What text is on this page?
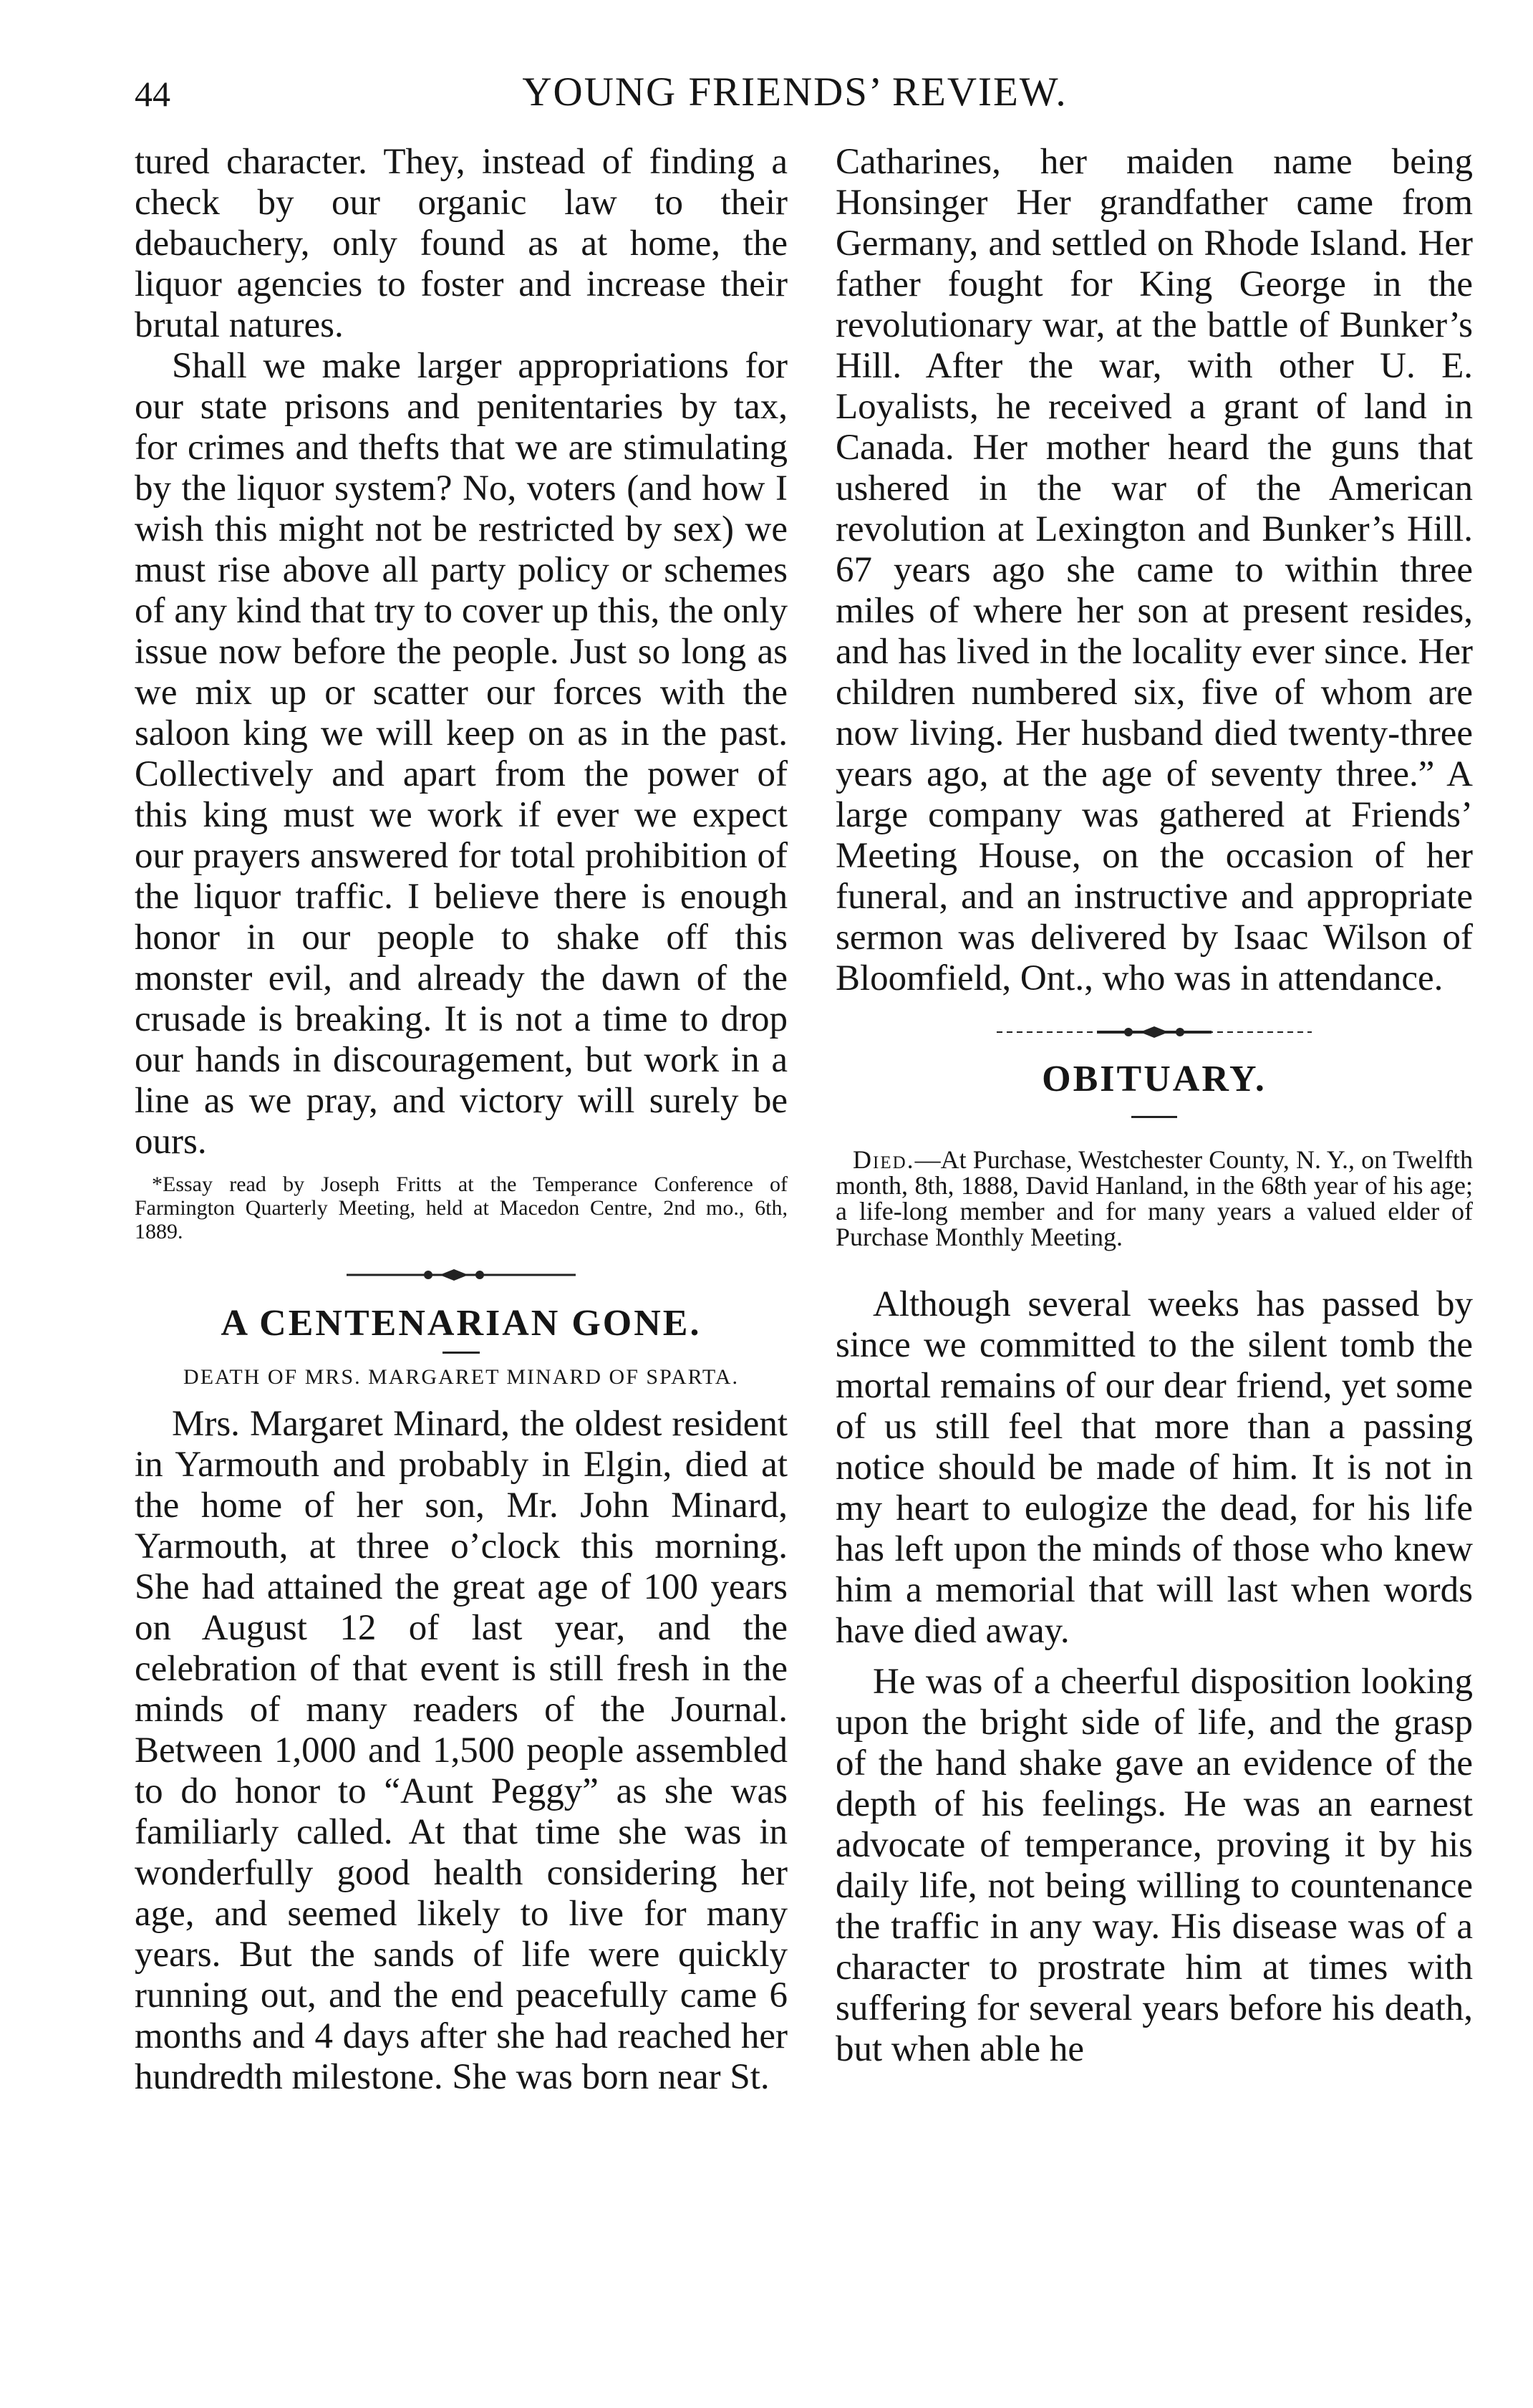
44	YOUNG FRIENDS’ REVIEW.

tured character. They, instead of finding a check by our organic law to their debauchery, only found as at home, the liquor agencies to foster and increase their brutal natures.

Shall we make larger appropriations for our state prisons and penitentaries by tax, for crimes and thefts that we are stimulating by the liquor system? No, voters (and how I wish this might not be restricted by sex) we must rise above all party policy or schemes of any kind that try to cover up this, the only issue now before the people. Just so long as we mix up or scatter our forces with the saloon king we will keep on as in the past. Collectively and apart from the power of this king must we work if ever we expect our prayers answered for total prohibition of the liquor traffic. I believe there is enough honor in our people to shake off this monster evil, and already the dawn of the crusade is breaking. It is not a time to drop our hands in discouragement, but work in a line as we pray, and victory will surely be ours.

*Essay read by Joseph Fritts at the Temperance Conference of Farmington Quarterly Meeting, held at Macedon Centre, 2nd mo., 6th, 1889.

A CENTENARIAN GONE.
DEATH OF MRS. MARGARET MINARD OF SPARTA.

Mrs. Margaret Minard, the oldest resident in Yarmouth and probably in Elgin, died at the home of her son, Mr. John Minard, Yarmouth, at three o’clock this morning. She had attained the great age of 100 years on August 12 of last year, and the celebration of that event is still fresh in the minds of many readers of the Journal. Between 1,000 and 1,500 people assembled to do honor to “Aunt Peggy” as she was familiarly called. At that time she was in wonderfully good health considering her age, and seemed likely to live for many years. But the sands of life were quickly running out, and the end peacefully came 6 months and 4 days after she had reached her hundredth milestone. She was born near St.

Catharines, her maiden name being Honsinger Her grandfather came from Germany, and settled on Rhode Island. Her father fought for King George in the revolutionary war, at the battle of Bunker’s Hill. After the war, with other U. E. Loyalists, he received a grant of land in Canada. Her mother heard the guns that ushered in the war of the American revolution at Lexington and Bunker’s Hill. 67 years ago she came to within three miles of where her son at present resides, and has lived in the locality ever since. Her children numbered six, five of whom are now living. Her husband died twenty-three years ago, at the age of seventy three.” A large company was gathered at Friends’ Meeting House, on the occasion of her funeral, and an instructive and appropriate sermon was delivered by Isaac Wilson of Bloomfield, Ont., who was in attendance.

OBITUARY.

Died.—At Purchase, Westchester County, N. Y., on Twelfth month, 8th, 1888, David Hanland, in the 68th year of his age; a life-long member and for many years a valued elder of Purchase Monthly Meeting.

Although several weeks has passed by since we committed to the silent tomb the mortal remains of our dear friend, yet some of us still feel that more than a passing notice should be made of him. It is not in my heart to eulogize the dead, for his life has left upon the minds of those who knew him a memorial that will last when words have died away.

He was of a cheerful disposition looking upon the bright side of life, and the grasp of the hand shake gave an evidence of the depth of his feelings. He was an earnest advocate of temperance, proving it by his daily life, not being willing to countenance the traffic in any way. His disease was of a character to prostrate him at times with suffering for several years before his death, but when able he
